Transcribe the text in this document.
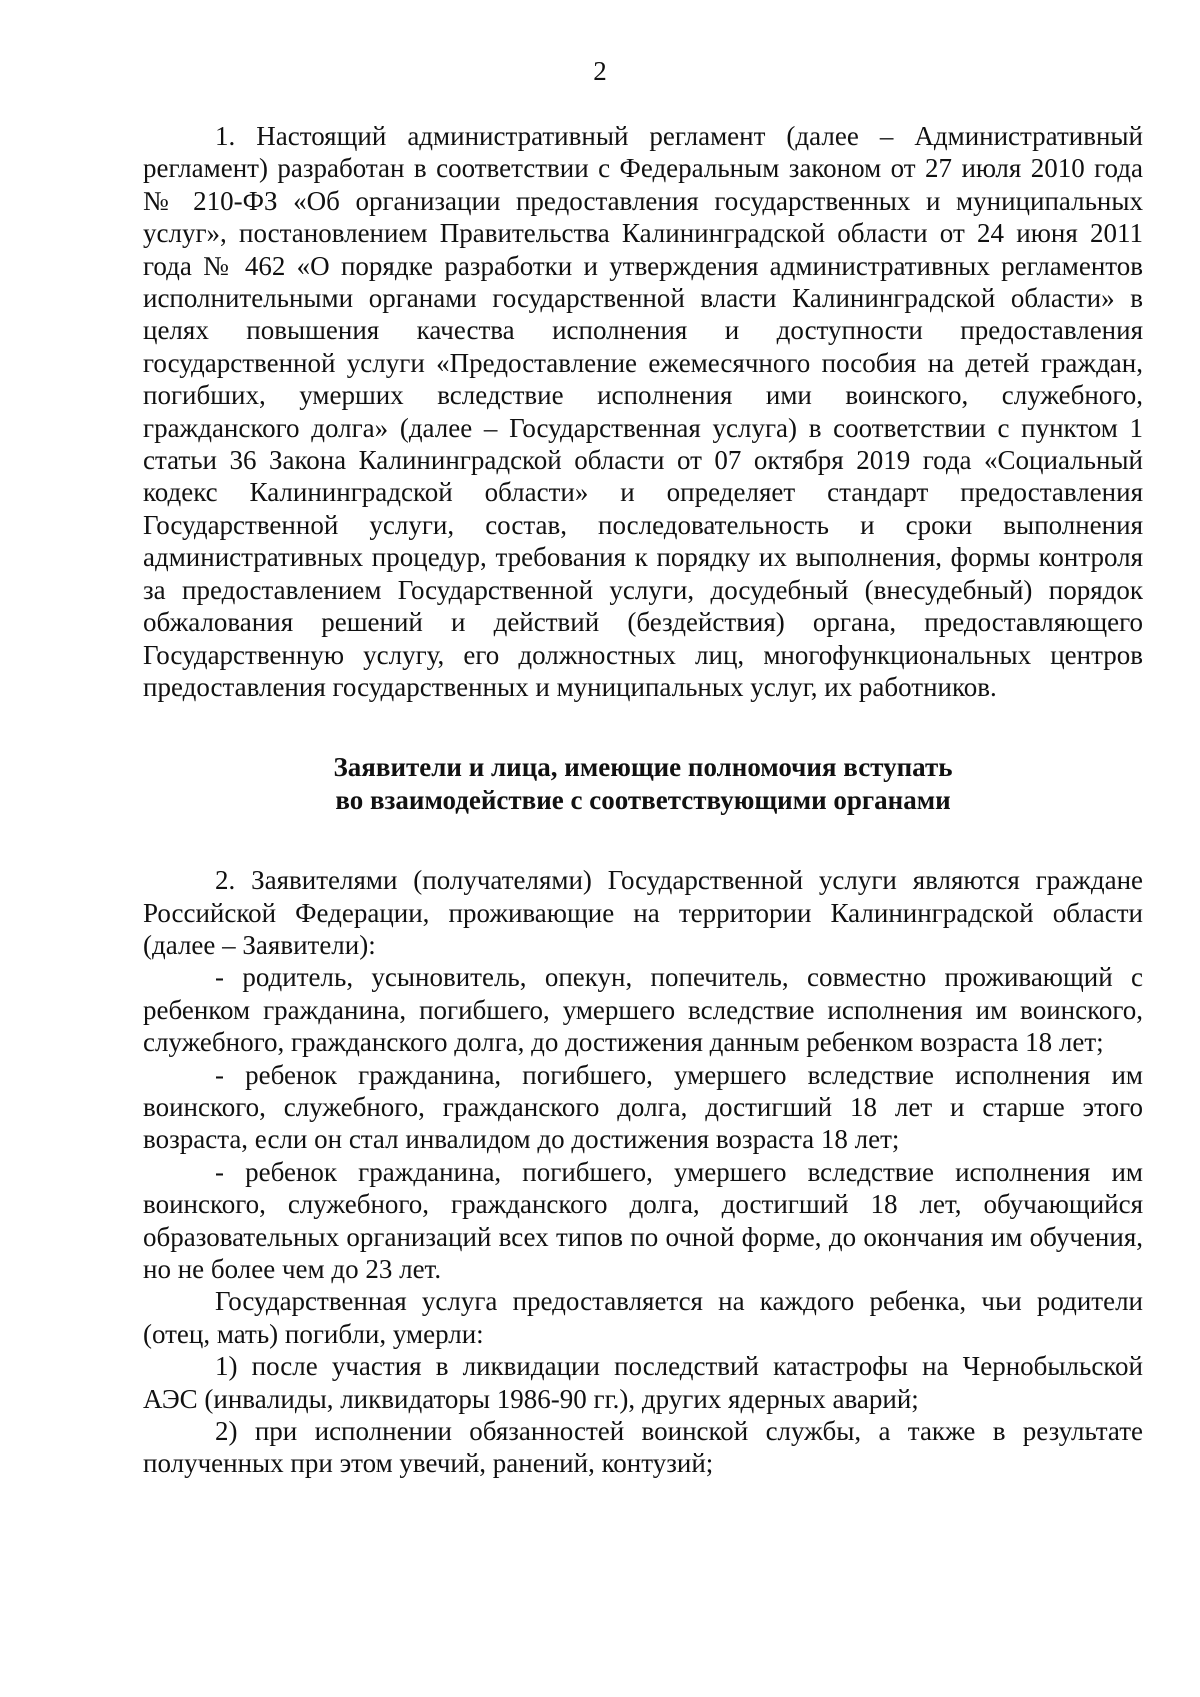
2

1. Настоящий административный регламент (далее – Административный регламент) разработан в соответствии с Федеральным законом от 27 июля 2010 года № 210-ФЗ «Об организации предоставления государственных и муниципальных услуг», постановлением Правительства Калининградской области от 24 июня 2011 года № 462 «О порядке разработки и утверждения административных регламентов исполнительными органами государственной власти Калининградской области» в целях повышения качества исполнения и доступности предоставления государственной услуги «Предоставление ежемесячного пособия на детей граждан, погибших, умерших вследствие исполнения ими воинского, служебного, гражданского долга» (далее – Государственная услуга) в соответствии с пунктом 1 статьи 36 Закона Калининградской области от 07 октября 2019 года «Социальный кодекс Калининградской области» и определяет стандарт предоставления Государственной услуги, состав, последовательность и сроки выполнения административных процедур, требования к порядку их выполнения, формы контроля за предоставлением Государственной услуги, досудебный (внесудебный) порядок обжалования решений и действий (бездействия) органа, предоставляющего Государственную услугу, его должностных лиц, многофункциональных центров предоставления государственных и муниципальных услуг, их работников.

Заявители и лица, имеющие полномочия вступать
во взаимодействие с соответствующими органами

2. Заявителями (получателями) Государственной услуги являются граждане Российской Федерации, проживающие на территории Калининградской области (далее – Заявители):

- родитель, усыновитель, опекун, попечитель, совместно проживающий с ребенком гражданина, погибшего, умершего вследствие исполнения им воинского, служебного, гражданского долга, до достижения данным ребенком возраста 18 лет;

- ребенок гражданина, погибшего, умершего вследствие исполнения им воинского, служебного, гражданского долга, достигший 18 лет и старше этого возраста, если он стал инвалидом до достижения возраста 18 лет;

- ребенок гражданина, погибшего, умершего вследствие исполнения им воинского, служебного, гражданского долга, достигший 18 лет, обучающийся образовательных организаций всех типов по очной форме, до окончания им обучения, но не более чем до 23 лет.

Государственная услуга предоставляется на каждого ребенка, чьи родители (отец, мать) погибли, умерли:

1) после участия в ликвидации последствий катастрофы на Чернобыльской АЭС (инвалиды, ликвидаторы 1986-90 гг.), других ядерных аварий;

2) при исполнении обязанностей воинской службы, а также в результате полученных при этом увечий, ранений, контузий;
